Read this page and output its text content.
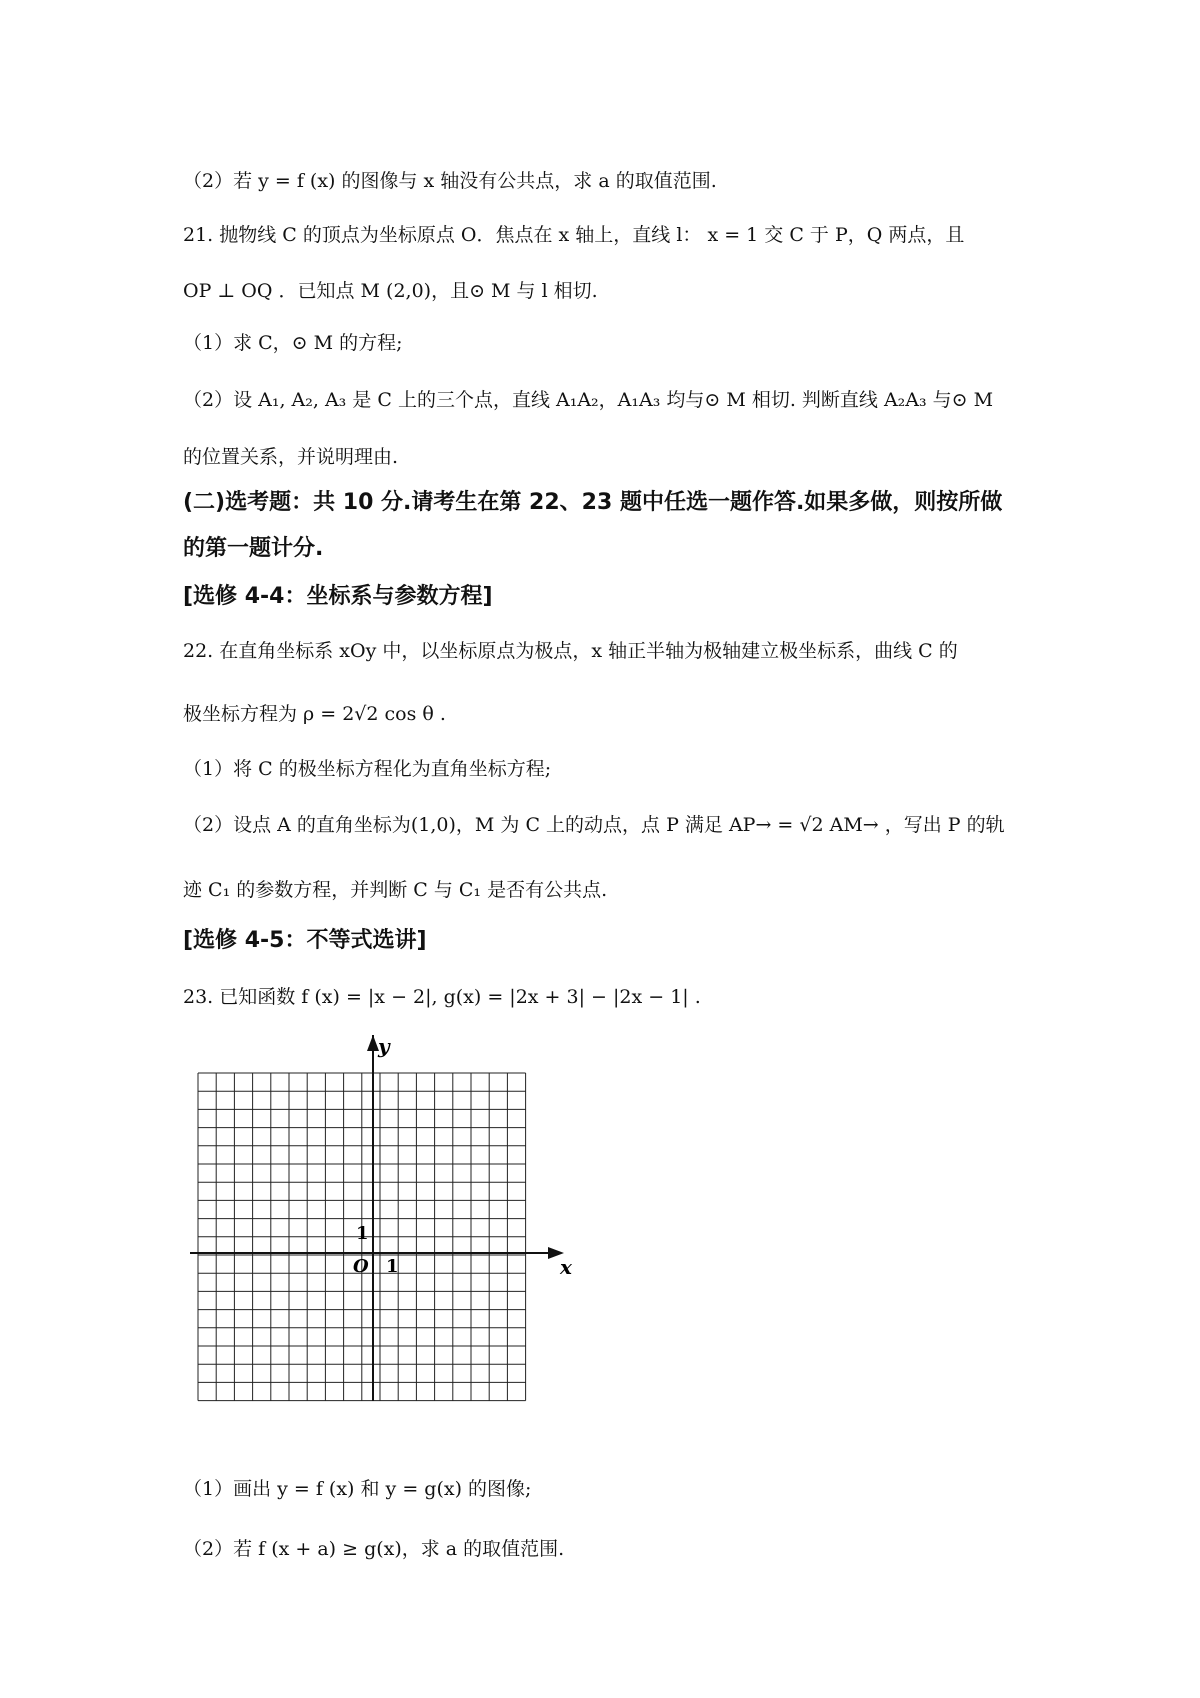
（2）若 y = f (x) 的图像与 x 轴没有公共点，求 a 的取值范围.
21. 抛物线 C 的顶点为坐标原点 O．焦点在 x 轴上，直线 l： x = 1 交 C 于 P，Q 两点，且
OP ⊥ OQ ．已知点 M (2,0)，且⊙ M 与 l 相切.
（1）求 C，⊙ M 的方程;
（2）设 A₁, A₂, A₃ 是 C 上的三个点，直线 A₁A₂，A₁A₃ 均与⊙ M 相切. 判断直线 A₂A₃ 与⊙ M
的位置关系，并说明理由.
(二)选考题：共 10 分.请考生在第 22、23 题中任选一题作答.如果多做，则按所做
的第一题计分.
[选修 4-4：坐标系与参数方程]
22. 在直角坐标系 xOy 中，以坐标原点为极点，x 轴正半轴为极轴建立极坐标系，曲线 C 的
极坐标方程为 ρ = 2√2 cos θ .
（1）将 C 的极坐标方程化为直角坐标方程;
（2）设点 A 的直角坐标为(1,0)，M 为 C 上的动点，点 P 满足 AP→ = √2 AM→ ，写出 P 的轨
迹 C₁ 的参数方程，并判断 C 与 C₁ 是否有公共点.
[选修 4-5：不等式选讲]
23. 已知函数 f (x) = |x − 2|, g(x) = |2x + 3| − |2x − 1| .
y
x
O 1
1
（1）画出 y = f (x) 和 y = g(x) 的图像;
（2）若 f (x + a) ≥ g(x)，求 a 的取值范围.
